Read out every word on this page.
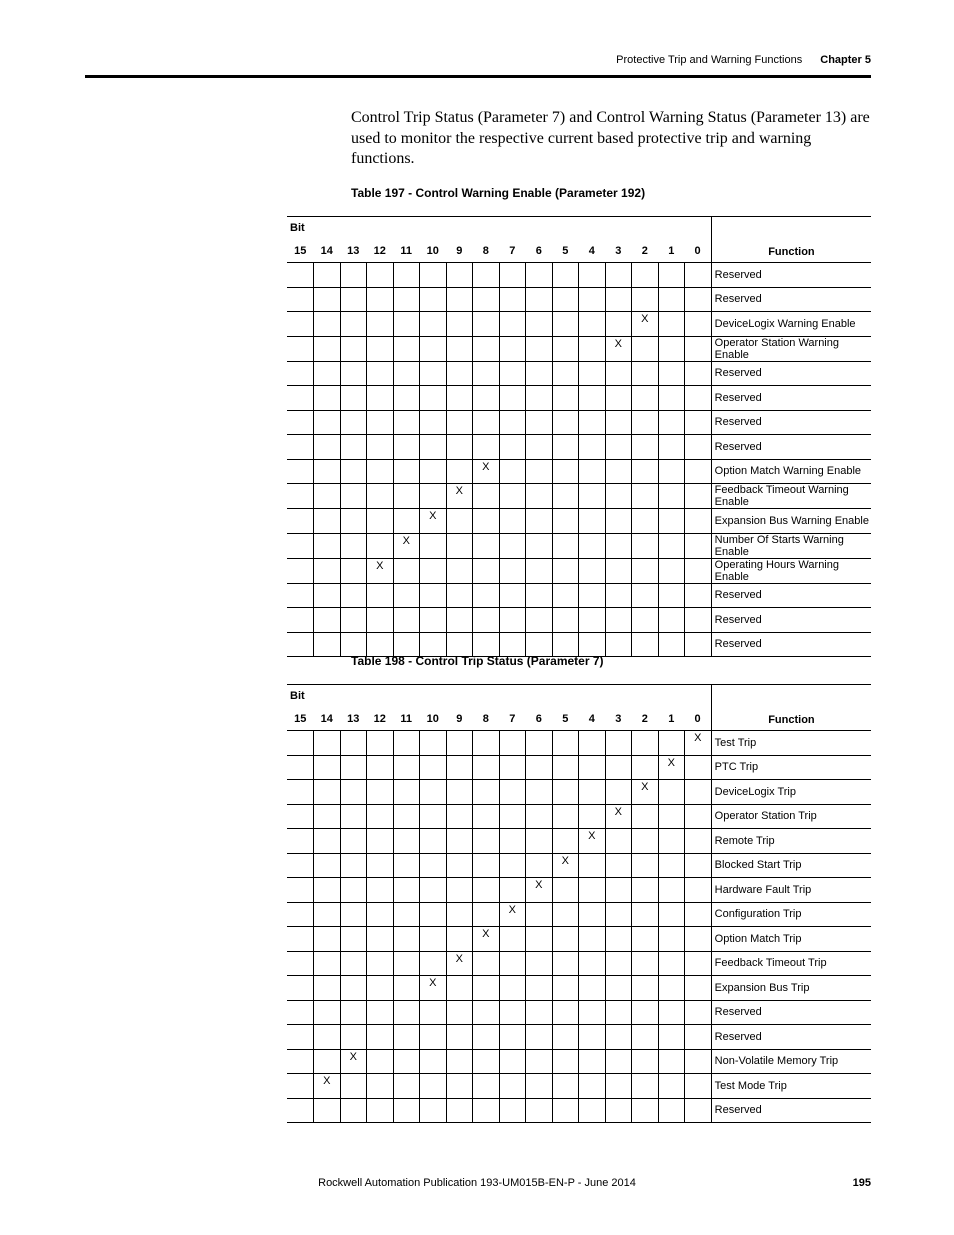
Protective Trip and Warning Functions Chapter 5
Control Trip Status (Parameter 7) and Control Warning Status (Parameter 13) are used to monitor the respective current based protective trip and warning functions.
Table 197 - Control Warning Enable (Parameter 192)
Bit																Function
15	14	13	12	11	10	9	8	7	6	5	4	3	2	1	0	
																Reserved
																Reserved
													X			DeviceLogix Warning Enable
												X				Operator Station Warning Enable
																Reserved
																Reserved
																Reserved
																Reserved
							X									Option Match Warning Enable
						X										Feedback Timeout Warning Enable
					X											Expansion Bus Warning Enable
				X												Number Of Starts Warning Enable
			X													Operating Hours Warning Enable
																Reserved
																Reserved
																Reserved
Table 198 - Control Trip Status (Parameter 7)
Bit																Function
15	14	13	12	11	10	9	8	7	6	5	4	3	2	1	0	
															X	Test Trip
														X		PTC Trip
													X			DeviceLogix Trip
												X				Operator Station Trip
											X					Remote Trip
										X						Blocked Start Trip
									X							Hardware Fault Trip
								X								Configuration Trip
							X									Option Match Trip
						X										Feedback Timeout Trip
					X											Expansion Bus Trip
																Reserved
																Reserved
		X														Non-Volatile Memory Trip
	X															Test Mode Trip
																Reserved
Rockwell Automation Publication 193-UM015B-EN-P - June 2014	195
